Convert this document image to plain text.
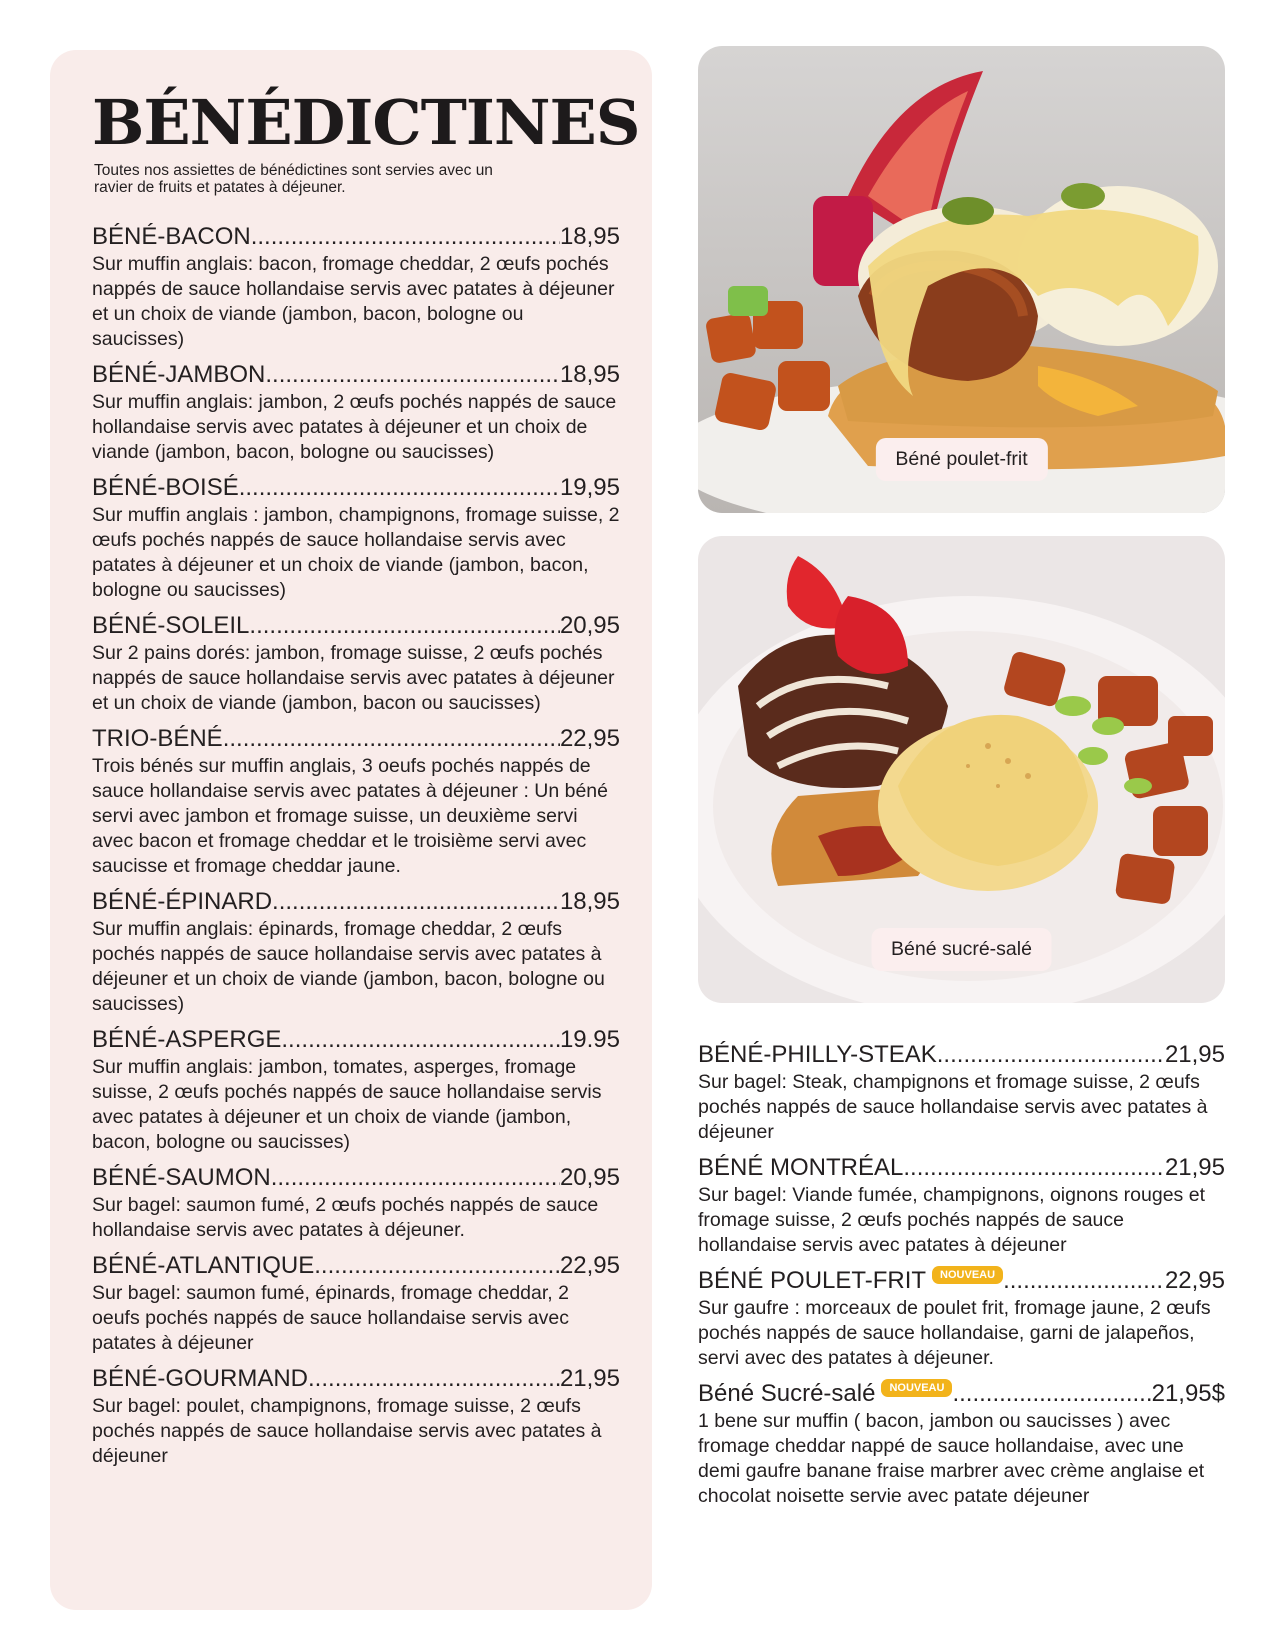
BÉNÉDICTINES

Toutes nos assiettes de bénédictines sont servies avec un ravier de fruits et patates à déjeuner.

BÉNÉ-BACON .....	18,95

Sur muffin anglais: bacon, fromage cheddar, 2 œufs pochés nappés de sauce hollandaise servis avec patates à déjeuner et un choix de viande (jambon, bacon, bologne ou saucisses)

BÉNÉ-JAMBON .....	18,95

Sur muffin anglais: jambon, 2 œufs pochés nappés de sauce hollandaise servis avec patates à déjeuner et un choix de viande (jambon, bacon, bologne ou saucisses)

BÉNÉ-BOISÉ .....	19,95

Sur muffin anglais : jambon, champignons, fromage suisse, 2 œufs pochés nappés de sauce hollandaise servis avec patates à déjeuner et un choix de viande (jambon, bacon, bologne ou saucisses)

BÉNÉ-SOLEIL .....	20,95

Sur 2 pains dorés: jambon, fromage suisse, 2 œufs pochés nappés de sauce hollandaise servis avec patates à déjeuner et un choix de viande (jambon, bacon ou saucisses)

TRIO-BÉNÉ .....	22,95

Trois bénés sur muffin anglais, 3 oeufs pochés nappés de sauce hollandaise servis avec patates à déjeuner : Un béné servi avec jambon et fromage suisse, un deuxième servi avec bacon et fromage cheddar et le troisième servi avec saucisse et fromage cheddar jaune.

BÉNÉ-ÉPINARD .....	18,95

Sur muffin anglais: épinards, fromage cheddar, 2 œufs pochés nappés de sauce hollandaise servis avec patates à déjeuner et un choix de viande (jambon, bacon, bologne ou saucisses)

BÉNÉ-ASPERGE .....	19.95

Sur muffin anglais: jambon, tomates, asperges, fromage suisse, 2 œufs pochés nappés de sauce hollandaise servis avec patates à déjeuner et un choix de viande (jambon, bacon, bologne ou saucisses)

BÉNÉ-SAUMON .....	20,95

Sur bagel: saumon fumé, 2 œufs pochés nappés de sauce hollandaise servis avec patates à déjeuner.

BÉNÉ-ATLANTIQUE .....	22,95

Sur bagel: saumon fumé, épinards, fromage cheddar, 2 oeufs pochés nappés de sauce hollandaise servis avec patates à déjeuner

BÉNÉ-GOURMAND .....	21,95

Sur bagel: poulet, champignons, fromage suisse, 2 œufs pochés nappés de sauce hollandaise servis avec patates à déjeuner

Béné poulet-frit
Béné sucré-salé
BÉNÉ-PHILLY-STEAK .....	21,95

Sur bagel: Steak, champignons et fromage suisse, 2 œufs pochés nappés de sauce hollandaise servis avec patates à déjeuner

BÉNÉ MONTRÉAL .....	21,95

Sur bagel: Viande fumée, champignons, oignons rouges et fromage suisse, 2 œufs pochés nappés de sauce hollandaise servis avec patates à déjeuner

BÉNÉ POULET-FRIT	NOUVEAU .....	22,95

Sur gaufre : morceaux de poulet frit, fromage jaune, 2 œufs pochés nappés de sauce hollandaise, garni de jalapeños, servi avec des patates à déjeuner.

Béné Sucré-salé	NOUVEAU .....	21,95$

1 bene sur muffin ( bacon, jambon ou saucisses ) avec fromage cheddar nappé de sauce hollandaise, avec une demi gaufre banane fraise marbrer avec crème anglaise et chocolat noisette servie avec patate déjeuner
